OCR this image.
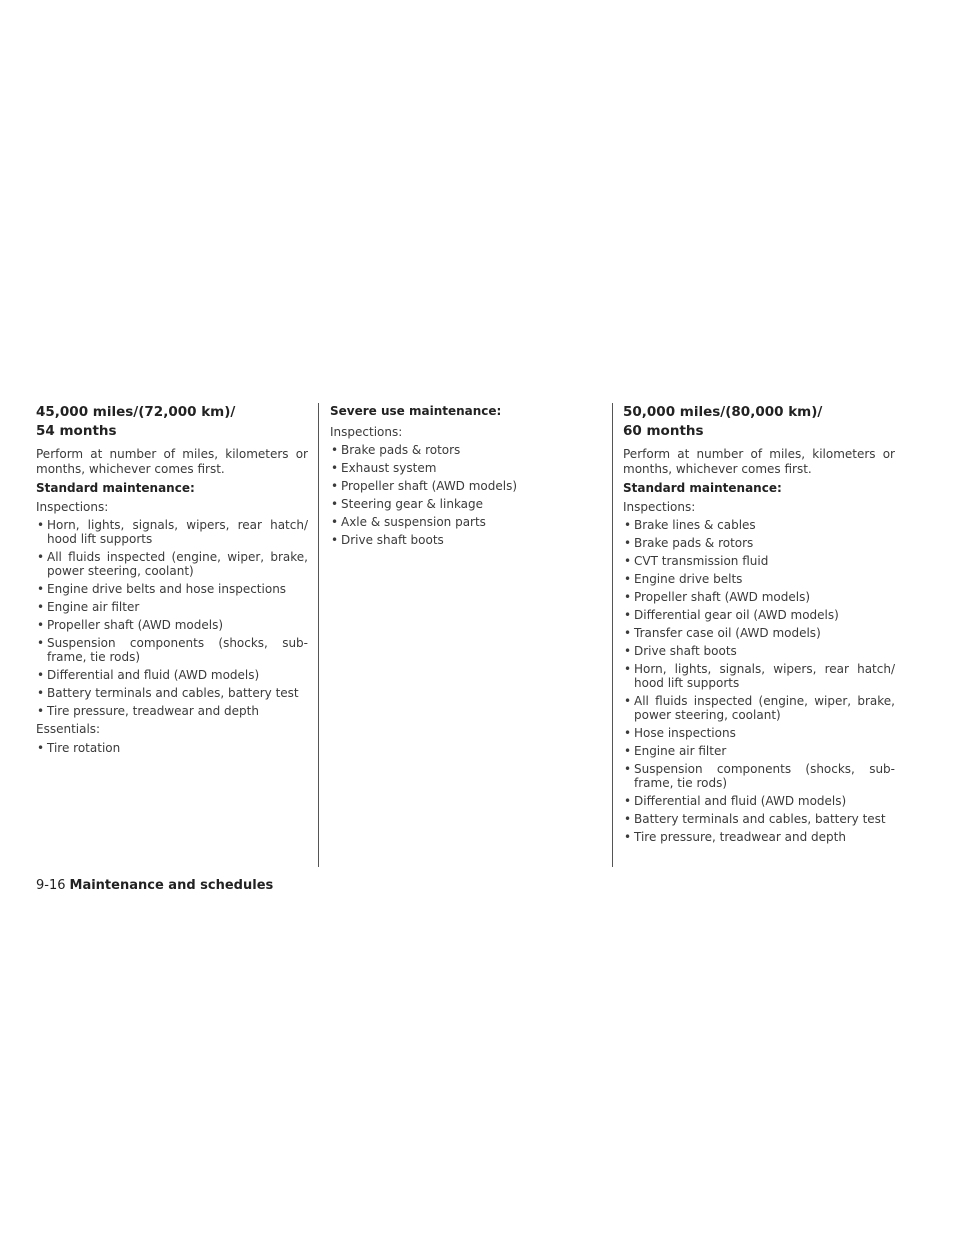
45,000 miles/(72,000 km)/
54 months

Perform at number of miles, kilometers or months, whichever comes first.

Standard maintenance:

Inspections:

• Horn, lights, signals, wipers, rear hatch/ hood lift supports
• All fluids inspected (engine, wiper, brake, power steering, coolant)
• Engine drive belts and hose inspections
• Engine air filter
• Propeller shaft (AWD models)
• Suspension components (shocks, sub-frame, tie rods)
• Differential and fluid (AWD models)
• Battery terminals and cables, battery test
• Tire pressure, treadwear and depth

Essentials:

• Tire rotation

Severe use maintenance:

Inspections:

• Brake pads & rotors
• Exhaust system
• Propeller shaft (AWD models)
• Steering gear & linkage
• Axle & suspension parts
• Drive shaft boots
50,000 miles/(80,000 km)/
60 months

Perform at number of miles, kilometers or months, whichever comes first.

Standard maintenance:

Inspections:

• Brake lines & cables
• Brake pads & rotors
• CVT transmission fluid
• Engine drive belts
• Propeller shaft (AWD models)
• Differential gear oil (AWD models)
• Transfer case oil (AWD models)
• Drive shaft boots
• Horn, lights, signals, wipers, rear hatch/ hood lift supports
• All fluids inspected (engine, wiper, brake, power steering, coolant)
• Hose inspections
• Engine air filter
• Suspension components (shocks, sub-frame, tie rods)
• Differential and fluid (AWD models)
• Battery terminals and cables, battery test
• Tire pressure, treadwear and depth
9-16 Maintenance and schedules
